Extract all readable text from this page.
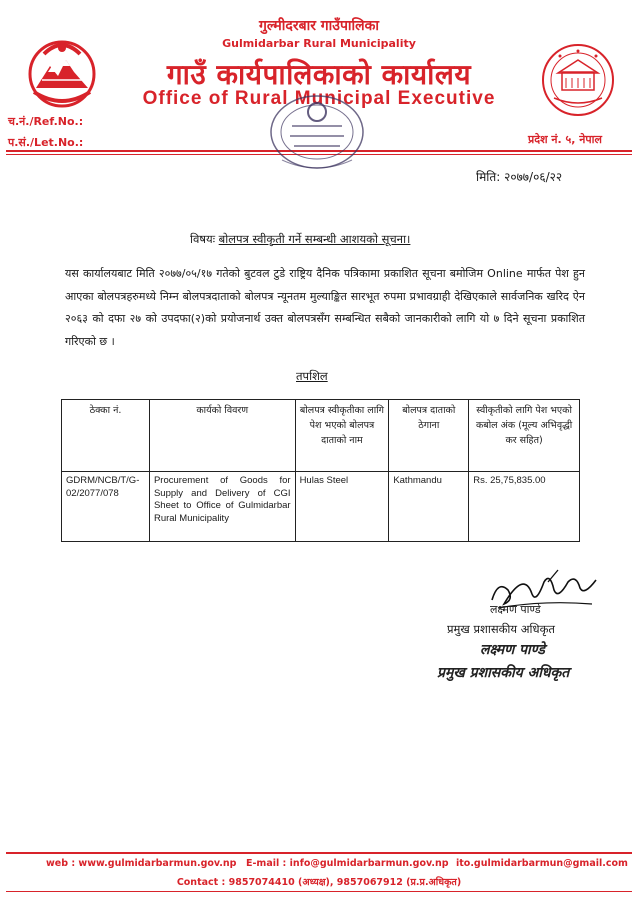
गुल्मीदरबार गाउँपालिका
Gulmidarbar Rural Municipality
गाउँ कार्यपालिकाको कार्यालय
Office of Rural Municipal Executive
च.नं./Ref.No.:
प.सं./Let.No.:	प्रदेश नं. ५, नेपाल
मिति: २०७७/०६/२२
विषयः बोलपत्र स्वीकृती गर्ने सम्बन्धी आशयको सूचना।
यस कार्यालयबाट मिति २०७७/०५/१७ गतेको बुटवल टुडे राष्ट्रिय दैनिक पत्रिकामा प्रकाशित सूचना बमोजिम Online मार्फत पेश हुन आएका बोलपत्रहरुमध्ये निम्न बोलपत्रदाताको बोलपत्र न्यूनतम मुल्याङ्कित सारभूत रुपमा प्रभावग्राही देखिएकाले सार्वजनिक खरिद ऐन २०६३ को दफा २७ को उपदफा(२)को प्रयोजनार्थ उक्त बोलपत्रसँग सम्बन्धित सबैको जानकारीको लागि यो ७ दिने सूचना प्रकाशित गरिएको छ ।
तपशिल
ठेक्का नं.	कार्यको विवरण	बोलपत्र स्वीकृतीका लागि पेश भएको बोलपत्र दाताको नाम	बोलपत्र दाताको ठेगाना	स्वीकृतीको लागि पेश भएको कबोल अंक (मूल्य अभिवृद्धी कर सहित)
GDRM/NCB/T/G-02/2077/078	Procurement of Goods for Supply and Delivery of CGI Sheet to Office of Gulmidarbar Rural Municipality	Hulas Steel	Kathmandu	Rs. 25,75,835.00
लक्ष्मण पाण्डे
प्रमुख प्रशासकीय अधिकृत
लक्ष्मण पाण्डे
प्रमुख प्रशासकीय अधिकृत
web : www.gulmidarbarmun.gov.np E-mail : info@gulmidarbarmun.gov.np ito.gulmidarbarmun@gmail.com
Contact : 9857074410 (अध्यक्ष), 9857067912 (प्र.प्र.अधिकृत)
